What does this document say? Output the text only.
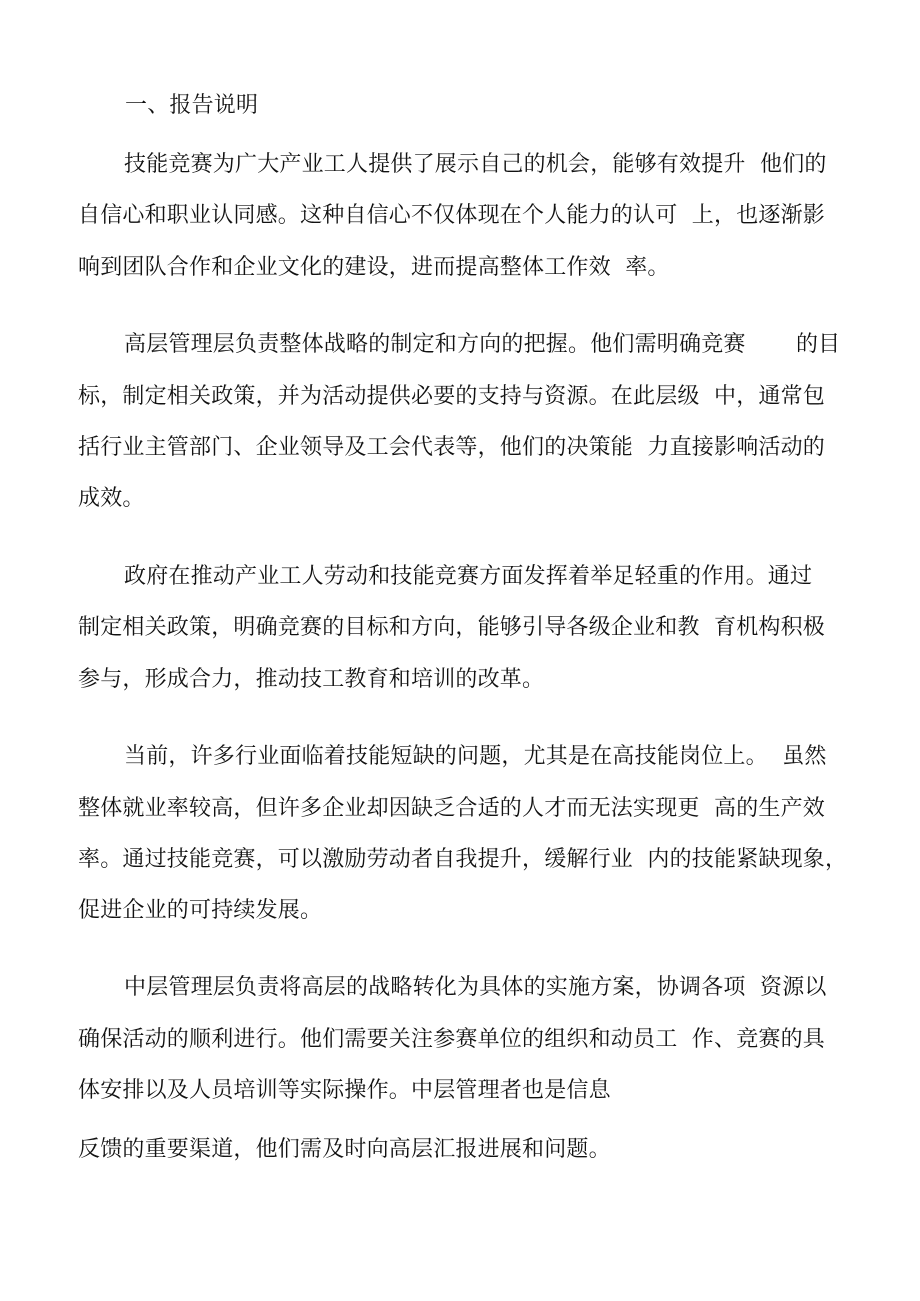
一、报告说明
技能竞赛为广大产业工人提供了展示自己的机会，能够有效提升  他们的
自信心和职业认同感。这种自信心不仅体现在个人能力的认可  上，也逐渐影
响到团队合作和企业文化的建设，进而提高整体工作效  率。
高层管理层负责整体战略的制定和方向的把握。他们需明确竞赛       的目
标，制定相关政策，并为活动提供必要的支持与资源。在此层级  中，通常包
括行业主管部门、企业领导及工会代表等，他们的决策能  力直接影响活动的
成效。
政府在推动产业工人劳动和技能竞赛方面发挥着举足轻重的作用。通过
制定相关政策，明确竞赛的目标和方向，能够引导各级企业和教  育机构积极
参与，形成合力，推动技工教育和培训的改革。
当前，许多行业面临着技能短缺的问题，尤其是在高技能岗位上。  虽然
整体就业率较高，但许多企业却因缺乏合适的人才而无法实现更  高的生产效
率。通过技能竞赛，可以激励劳动者自我提升，缓解行业  内的技能紧缺现象，
促进企业的可持续发展。
中层管理层负责将高层的战略转化为具体的实施方案，协调各项  资源以
确保活动的顺利进行。他们需要关注参赛单位的组织和动员工  作、竞赛的具
体安排以及人员培训等实际操作。中层管理者也是信息
反馈的重要渠道，他们需及时向高层汇报进展和问题。
